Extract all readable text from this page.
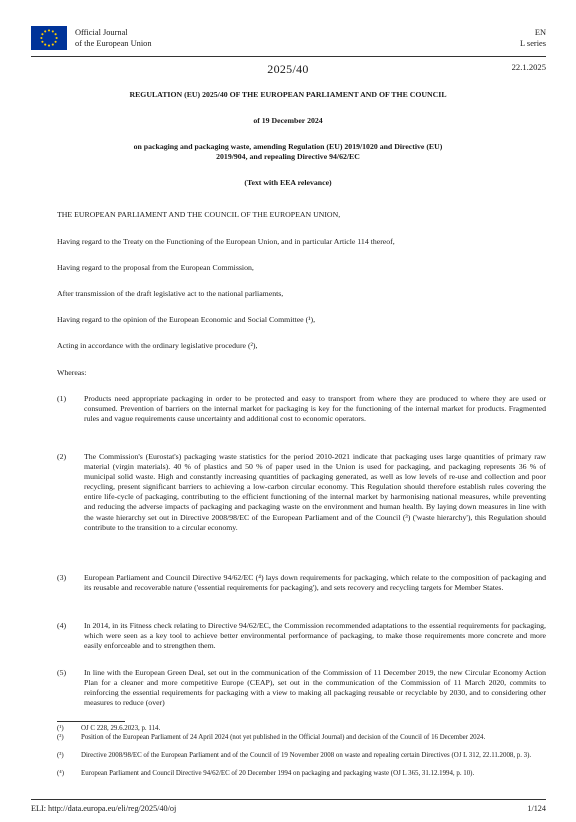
Official Journal
of the European Union
EN
L series
2025/40	22.1.2025
REGULATION (EU) 2025/40 OF THE EUROPEAN PARLIAMENT AND OF THE COUNCIL
of 19 December 2024
on packaging and packaging waste, amending Regulation (EU) 2019/1020 and Directive (EU)
2019/904, and repealing Directive 94/62/EC
(Text with EEA relevance)
THE EUROPEAN PARLIAMENT AND THE COUNCIL OF THE EUROPEAN UNION,
Having regard to the Treaty on the Functioning of the European Union, and in particular Article 114 thereof,
Having regard to the proposal from the European Commission,
After transmission of the draft legislative act to the national parliaments,
Having regard to the opinion of the European Economic and Social Committee (¹),
Acting in accordance with the ordinary legislative procedure (²),
Whereas:
(1) Products need appropriate packaging in order to be protected and easy to transport from where they are produced to where they are used or consumed. Prevention of barriers on the internal market for packaging is key for the functioning of the internal market for products. Fragmented rules and vague requirements cause uncertainty and additional cost to economic operators.
(2) The Commission's (Eurostat's) packaging waste statistics for the period 2010-2021 indicate that packaging uses large quantities of primary raw material (virgin materials). 40 % of plastics and 50 % of paper used in the Union is used for packaging, and packaging represents 36 % of municipal solid waste. High and constantly increasing quantities of packaging generated, as well as low levels of re-use and collection and poor recycling, present significant barriers to achieving a low-carbon circular economy. This Regulation should therefore establish rules covering the entire life-cycle of packaging, contributing to the efficient functioning of the internal market by harmonising national measures, while preventing and reducing the adverse impacts of packaging and packaging waste on the environment and human health. By laying down measures in line with the waste hierarchy set out in Directive 2008/98/EC of the European Parliament and of the Council (³) ('waste hierarchy'), this Regulation should contribute to the transition to a circular economy.
(3) European Parliament and Council Directive 94/62/EC (⁴) lays down requirements for packaging, which relate to the composition of packaging and its reusable and recoverable nature ('essential requirements for packaging'), and sets recovery and recycling targets for Member States.
(4) In 2014, in its Fitness check relating to Directive 94/62/EC, the Commission recommended adaptations to the essential requirements for packaging, which were seen as a key tool to achieve better environmental performance of packaging, to make those requirements more concrete and more easily enforceable and to strengthen them.
(5) In line with the European Green Deal, set out in the communication of the Commission of 11 December 2019, the new Circular Economy Action Plan for a cleaner and more competitive Europe (CEAP), set out in the communication of the Commission of 11 March 2020, commits to reinforcing the essential requirements for packaging with a view to making all packaging reusable or recyclable by 2030, and to considering other measures to reduce (over)
(¹)	OJ C 228, 29.6.2023, p. 114.
(²)	Position of the European Parliament of 24 April 2024 (not yet published in the Official Journal) and decision of the Council of 16 December 2024.
(³)	Directive 2008/98/EC of the European Parliament and of the Council of 19 November 2008 on waste and repealing certain Directives (OJ L 312, 22.11.2008, p. 3).
(⁴) European Parliament and Council Directive 94/62/EC of 20 December 1994 on packaging and packaging waste (OJ L 365, 31.12.1994, p. 10).
ELI: http://data.europa.eu/eli/reg/2025/40/oj	1/124
